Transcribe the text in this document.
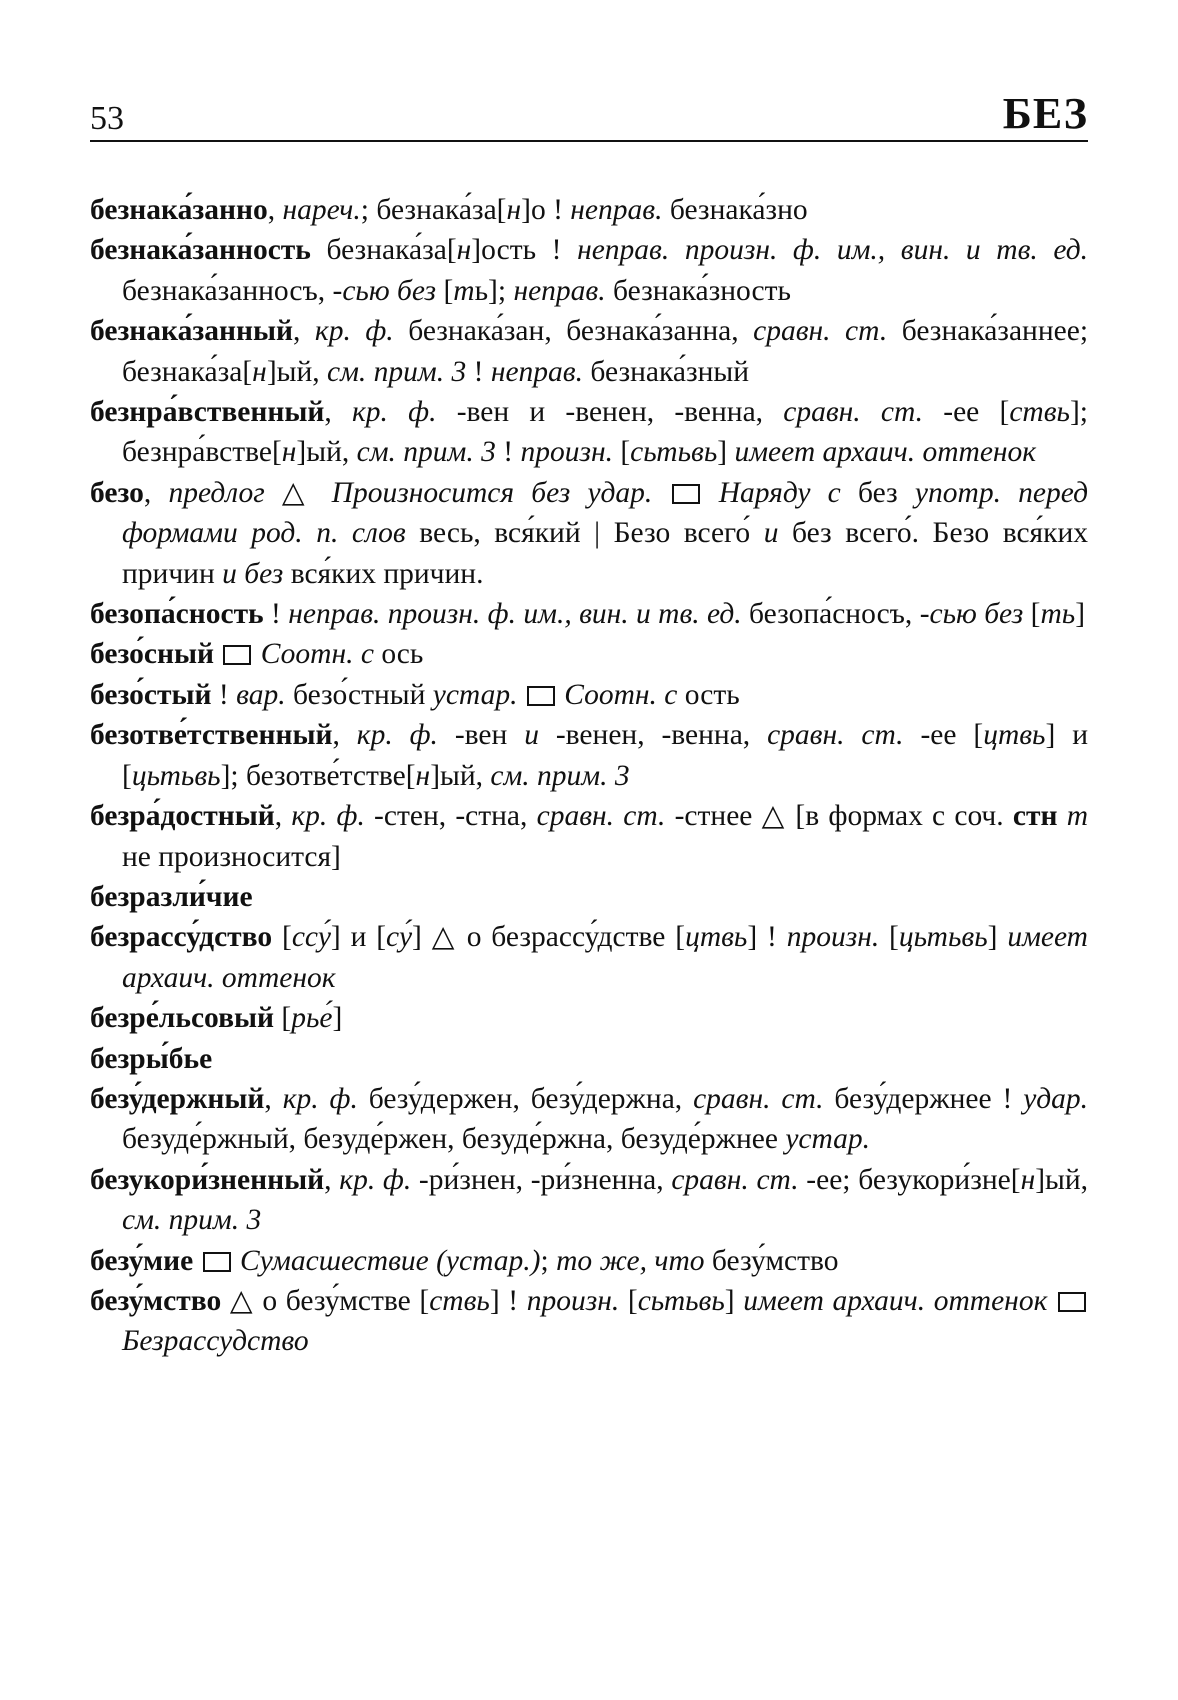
53	БЕЗ

безнака́занно, нареч.; безнака́за[н]о ! неправ. безнака́зно

безнака́занность безнака́за[н]ость ! неправ. произн. ф. им., вин. и тв. ед. безнака́занносъ, -сью без [ть]; неправ. безнака́зность

безнака́занный, кр. ф. безнака́зан, безнака́занна, сравн. ст. безнака́заннее; безнака́за[н]ый, см. прим. 3 ! неправ. безнака́зный

безнра́вственный, кр. ф. -вен и -венен, -венна, сравн. ст. -ее [ствь]; безнра́встве[н]ый, см. прим. 3 ! произн. [сьтьвь] имеет архаич. оттенок

безо, предлог △ Произносится без удар. Наряду с без употр. перед формами род. п. слов весь, вся́кий | Безо всего́ и без всего́. Безо вся́ких причин и без вся́ких причин.

безопа́сность ! неправ. произн. ф. им., вин. и тв. ед. безопа́сносъ, -сью без [ть]

безо́сный Соотн. с ось

безо́стый ! вар. безо́стный устар. Соотн. с ость

безотве́тственный, кр. ф. -вен и -венен, -венна, сравн. ст. -ее [цтвь] и [цьтьвь]; безотве́тстве[н]ый, см. прим. 3

безра́достный, кр. ф. -стен, -стна, сравн. ст. -стнее △ [в формах с соч. стн т не произносится]

безразли́чие

безрассу́дство [ссу́] и [су́] △ о безрассу́дстве [цтвь] ! произн. [цьтьвь] имеет архаич. оттенок

безре́льсовый [рье́]

безры́бье

безу́держный, кр. ф. безу́держен, безу́держна, сравн. ст. безу́держнее ! удар. безуде́ржный, безуде́ржен, безуде́ржна, безуде́ржнее устар.

безукори́зненный, кр. ф. -ри́знен, -ри́зненна, сравн. ст. -ее; безукори́зне[н]ый, см. прим. 3

безу́мие Сумасшествие (устар.); то же, что безу́мство

безу́мство △ о безу́мстве [ствь] ! произн. [сьтьвь] имеет архаич. оттенок  Безрассудство
